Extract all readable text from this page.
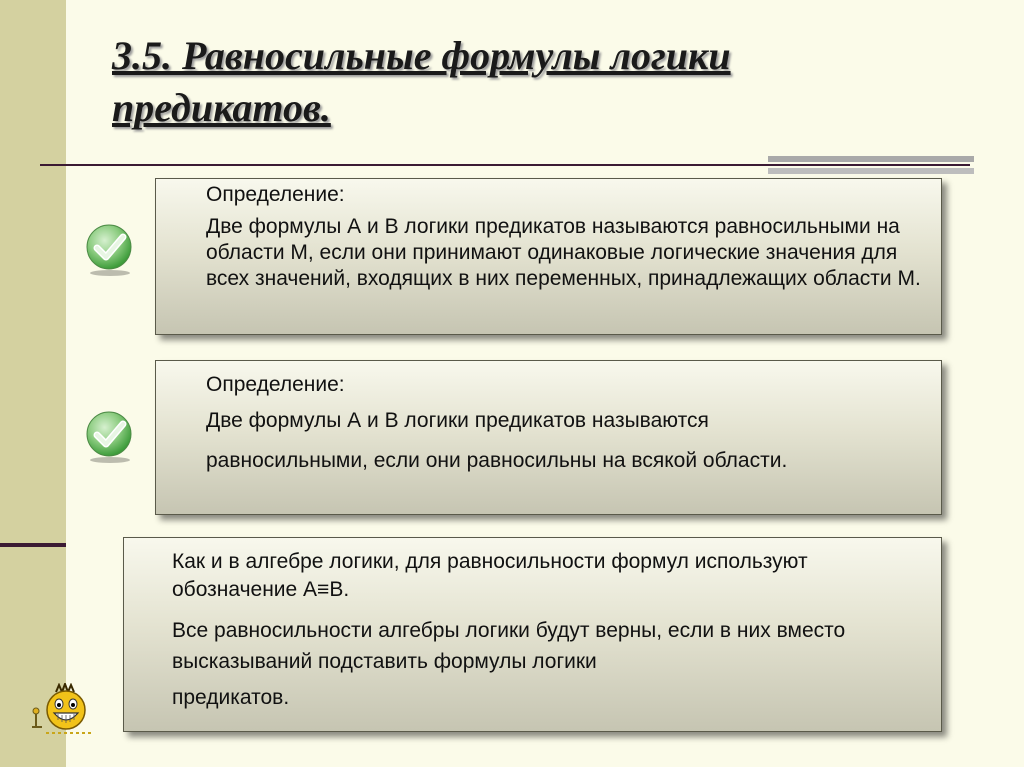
3.5. Равносильные формулы логики
предикатов.

Определение:

Две формулы А и В логики предикатов называются равносильными на области М, если они принимают одинаковые логические значения для всех значений, входящих в них переменных, принадлежащих области М.

Определение:

Две формулы А и В логики предикатов называются

равносильными, если они равносильны на всякой области.

Как и в алгебре логики, для равносильности формул используют обозначение А≡В.

Все равносильности алгебры логики будут верны, если в них вместо высказываний подставить формулы логики

предикатов.
